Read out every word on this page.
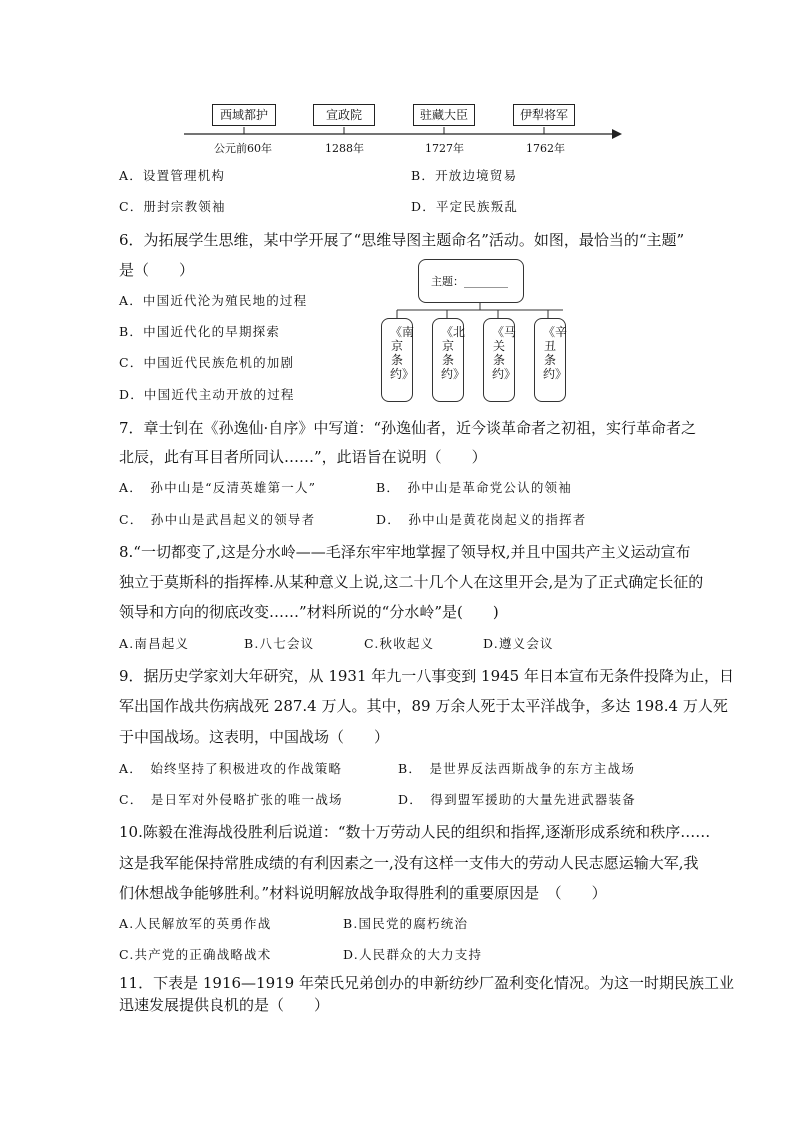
西域都护	宣政院	驻藏大臣	伊犁将军
公元前60年	1288年	1727年	1762年
A．设置管理机构	B．开放边境贸易
C．册封宗教领袖	D．平定民族叛乱
6．为拓展学生思维，某中学开展了“思维导图主题命名”活动。如图，最恰当的“主题”
是（　　）
A．中国近代沦为殖民地的过程
B．中国近代化的早期探索
C．中国近代民族危机的加剧
D．中国近代主动开放的过程
主题：________
《南京条约》
《北京条约》
《马关条约》
《辛丑条约》
7．章士钊在《孙逸仙·自序》中写道：“孙逸仙者，近今谈革命者之初祖，实行革命者之
北辰，此有耳目者所同认……”，此语旨在说明（　　）
A．　孙中山是“反清英雄第一人”	B．　孙中山是革命党公认的领袖
C．　孙中山是武昌起义的领导者	D．　孙中山是黄花岗起义的指挥者
8.“一切都变了,这是分水岭——毛泽东牢牢地掌握了领导权,并且中国共产主义运动宣布
独立于莫斯科的指挥棒.从某种意义上说,这二十几个人在这里开会,是为了正式确定长征的
领导和方向的彻底改变……”材料所说的“分水岭”是(　　)
A.南昌起义	B.八七会议	C.秋收起义	D.遵义会议
9．据历史学家刘大年研究，从 1931 年九一八事变到 1945 年日本宣布无条件投降为止，日
军出国作战共伤病战死 287.4 万人。其中，89 万余人死于太平洋战争，多达 198.4 万人死
于中国战场。这表明，中国战场（　　）
A．　始终坚持了积极进攻的作战策略	B．　是世界反法西斯战争的东方主战场
C．　是日军对外侵略扩张的唯一战场	D．　得到盟军援助的大量先进武器装备
10.陈毅在淮海战役胜利后说道：“数十万劳动人民的组织和指挥,逐渐形成系统和秩序……
这是我军能保持常胜成绩的有利因素之一,没有这样一支伟大的劳动人民志愿运输大军,我
们休想战争能够胜利。”材料说明解放战争取得胜利的重要原因是　（　　）
A.人民解放军的英勇作战	B.国民党的腐朽统治
C.共产党的正确战略战术	D.人民群众的大力支持
11．下表是 1916—1919 年荣氏兄弟创办的申新纺纱厂盈利变化情况。为这一时期民族工业
迅速发展提供良机的是（　　）
